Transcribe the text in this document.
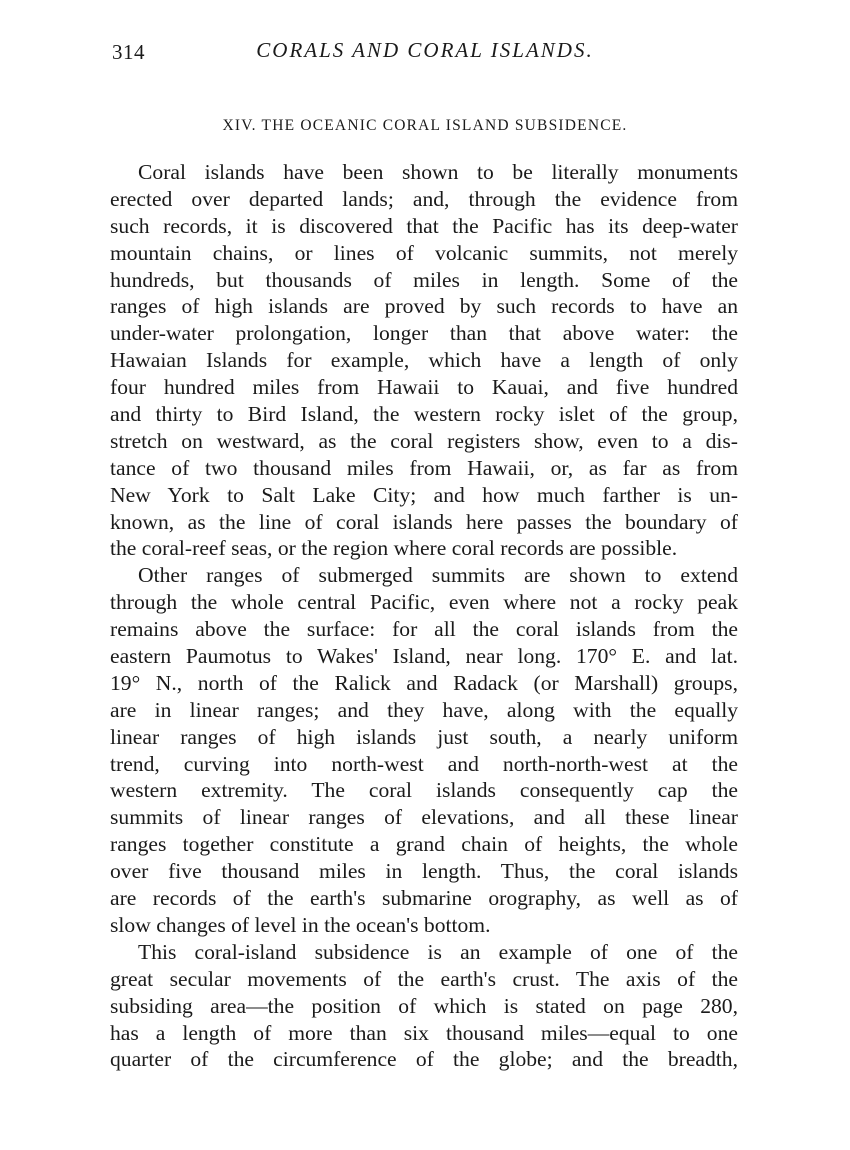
314	CORALS AND CORAL ISLANDS.
XIV. THE OCEANIC CORAL ISLAND SUBSIDENCE.
Coral islands have been shown to be literally monuments
erected over departed lands; and, through the evidence from
such records, it is discovered that the Pacific has its deep-water
mountain chains, or lines of volcanic summits, not merely
hundreds, but thousands of miles in length. Some of the
ranges of high islands are proved by such records to have an
under-water prolongation, longer than that above water: the
Hawaian Islands for example, which have a length of only
four hundred miles from Hawaii to Kauai, and five hundred
and thirty to Bird Island, the western rocky islet of the group,
stretch on westward, as the coral registers show, even to a dis-
tance of two thousand miles from Hawaii, or, as far as from
New York to Salt Lake City; and how much farther is un-
known, as the line of coral islands here passes the boundary of
the coral-reef seas, or the region where coral records are possible.
Other ranges of submerged summits are shown to extend
through the whole central Pacific, even where not a rocky peak
remains above the surface: for all the coral islands from the
eastern Paumotus to Wakes' Island, near long. 170° E. and lat.
19° N., north of the Ralick and Radack (or Marshall) groups,
are in linear ranges; and they have, along with the equally
linear ranges of high islands just south, a nearly uniform
trend, curving into north-west and north-north-west at the
western extremity. The coral islands consequently cap the
summits of linear ranges of elevations, and all these linear
ranges together constitute a grand chain of heights, the whole
over five thousand miles in length. Thus, the coral islands
are records of the earth's submarine orography, as well as of
slow changes of level in the ocean's bottom.
This coral-island subsidence is an example of one of the
great secular movements of the earth's crust. The axis of the
subsiding area—the position of which is stated on page 280,
has a length of more than six thousand miles—equal to one
quarter of the circumference of the globe; and the breadth,
